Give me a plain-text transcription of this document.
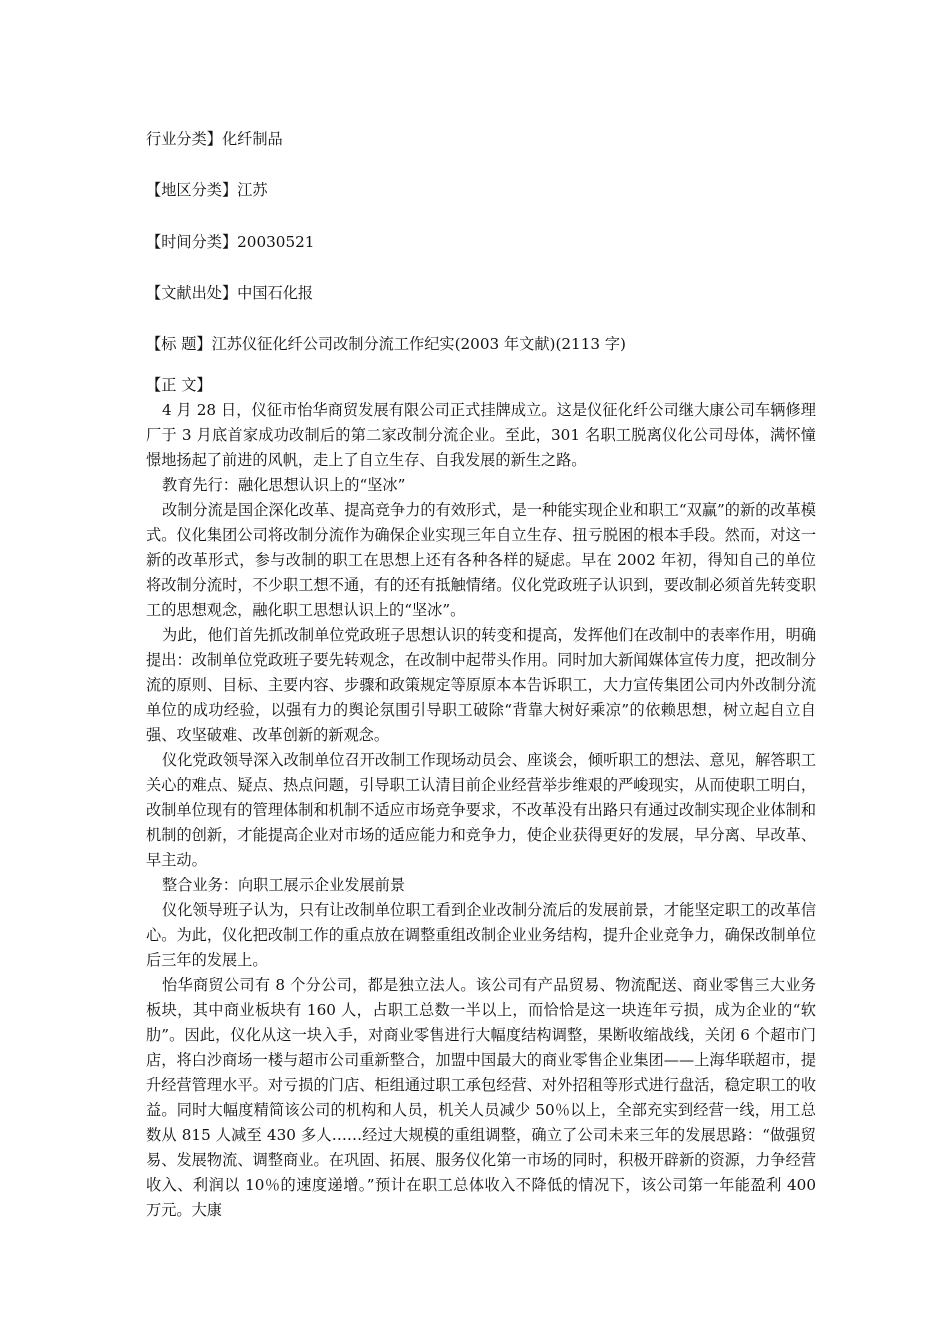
行业分类】化纤制品
【地区分类】江苏
【时间分类】20030521
【文献出处】中国石化报
【标 题】江苏仪征化纤公司改制分流工作纪实(2003 年文献)(2113 字)

【正 文】

4 月 28 日，仪征市怡华商贸发展有限公司正式挂牌成立。这是仪征化纤公司继大康公司车辆修理厂于 3 月底首家成功改制后的第二家改制分流企业。至此，301 名职工脱离仪化公司母体，满怀憧憬地扬起了前进的风帆，走上了自立生存、自我发展的新生之路。

教育先行：融化思想认识上的“坚冰”

改制分流是国企深化改革、提高竞争力的有效形式，是一种能实现企业和职工“双赢”的新的改革模式。仪化集团公司将改制分流作为确保企业实现三年自立生存、扭亏脱困的根本手段。然而，对这一新的改革形式，参与改制的职工在思想上还有各种各样的疑虑。早在 2002 年初，得知自己的单位将改制分流时，不少职工想不通，有的还有抵触情绪。仪化党政班子认识到，要改制必须首先转变职工的思想观念，融化职工思想认识上的“坚冰”。

为此，他们首先抓改制单位党政班子思想认识的转变和提高，发挥他们在改制中的表率作用，明确提出：改制单位党政班子要先转观念，在改制中起带头作用。同时加大新闻媒体宣传力度，把改制分流的原则、目标、主要内容、步骤和政策规定等原原本本告诉职工，大力宣传集团公司内外改制分流单位的成功经验，以强有力的舆论氛围引导职工破除“背靠大树好乘凉”的依赖思想，树立起自立自强、攻坚破难、改革创新的新观念。

仪化党政领导深入改制单位召开改制工作现场动员会、座谈会，倾听职工的想法、意见，解答职工关心的难点、疑点、热点问题，引导职工认清目前企业经营举步维艰的严峻现实，从而使职工明白，改制单位现有的管理体制和机制不适应市场竞争要求，不改革没有出路只有通过改制实现企业体制和机制的创新，才能提高企业对市场的适应能力和竞争力，使企业获得更好的发展，早分离、早改革、早主动。

整合业务：向职工展示企业发展前景

仪化领导班子认为，只有让改制单位职工看到企业改制分流后的发展前景，才能坚定职工的改革信心。为此，仪化把改制工作的重点放在调整重组改制企业业务结构，提升企业竞争力，确保改制单位后三年的发展上。

怡华商贸公司有 8 个分公司，都是独立法人。该公司有产品贸易、物流配送、商业零售三大业务板块，其中商业板块有 160 人，占职工总数一半以上，而恰恰是这一块连年亏损，成为企业的“软肋”。因此，仪化从这一块入手，对商业零售进行大幅度结构调整，果断收缩战线，关闭 6 个超市门店，将白沙商场一楼与超市公司重新整合，加盟中国最大的商业零售企业集团——上海华联超市，提升经营管理水平。对亏损的门店、柜组通过职工承包经营、对外招租等形式进行盘活，稳定职工的收益。同时大幅度精简该公司的机构和人员，机关人员减少 50％以上，全部充实到经营一线，用工总数从 815 人减至 430 多人……经过大规模的重组调整，确立了公司未来三年的发展思路：“做强贸易、发展物流、调整商业。在巩固、拓展、服务仪化第一市场的同时，积极开辟新的资源，力争经营收入、利润以 10％的速度递增。”预计在职工总体收入不降低的情况下，该公司第一年能盈利 400 万元。大康
